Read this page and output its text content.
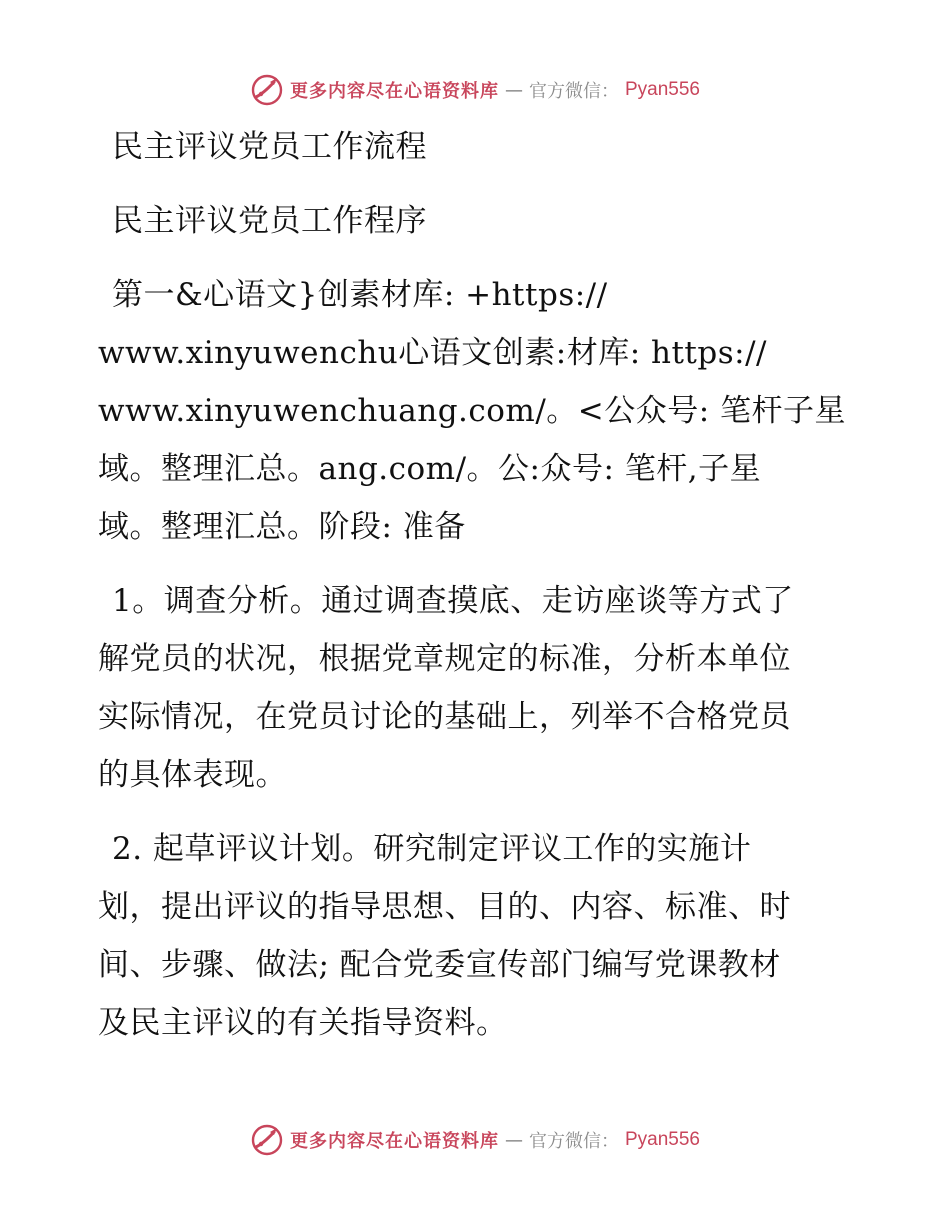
更多内容尽在心语资料库 — 官方微信： Pyan556
民主评议党员工作流程
民主评议党员工作程序
第一&心语文}创素材库: +https://
www.xinyuwenchu心语文创素:材库: https://
www.xinyuwenchuang.com/。<公众号: 笔杆子星
域。整理汇总。ang.com/。公:众号: 笔杆,子星
域。整理汇总。阶段: 准备
1。调查分析。通过调查摸底、走访座谈等方式了
解党员的状况，根据党章规定的标准，分析本单位
实际情况，在党员讨论的基础上，列举不合格党员
的具体表现。
2. 起草评议计划。研究制定评议工作的实施计
划，提出评议的指导思想、目的、内容、标准、时
间、步骤、做法; 配合党委宣传部门编写党课教材
及民主评议的有关指导资料。
更多内容尽在心语资料库 — 官方微信： Pyan556
